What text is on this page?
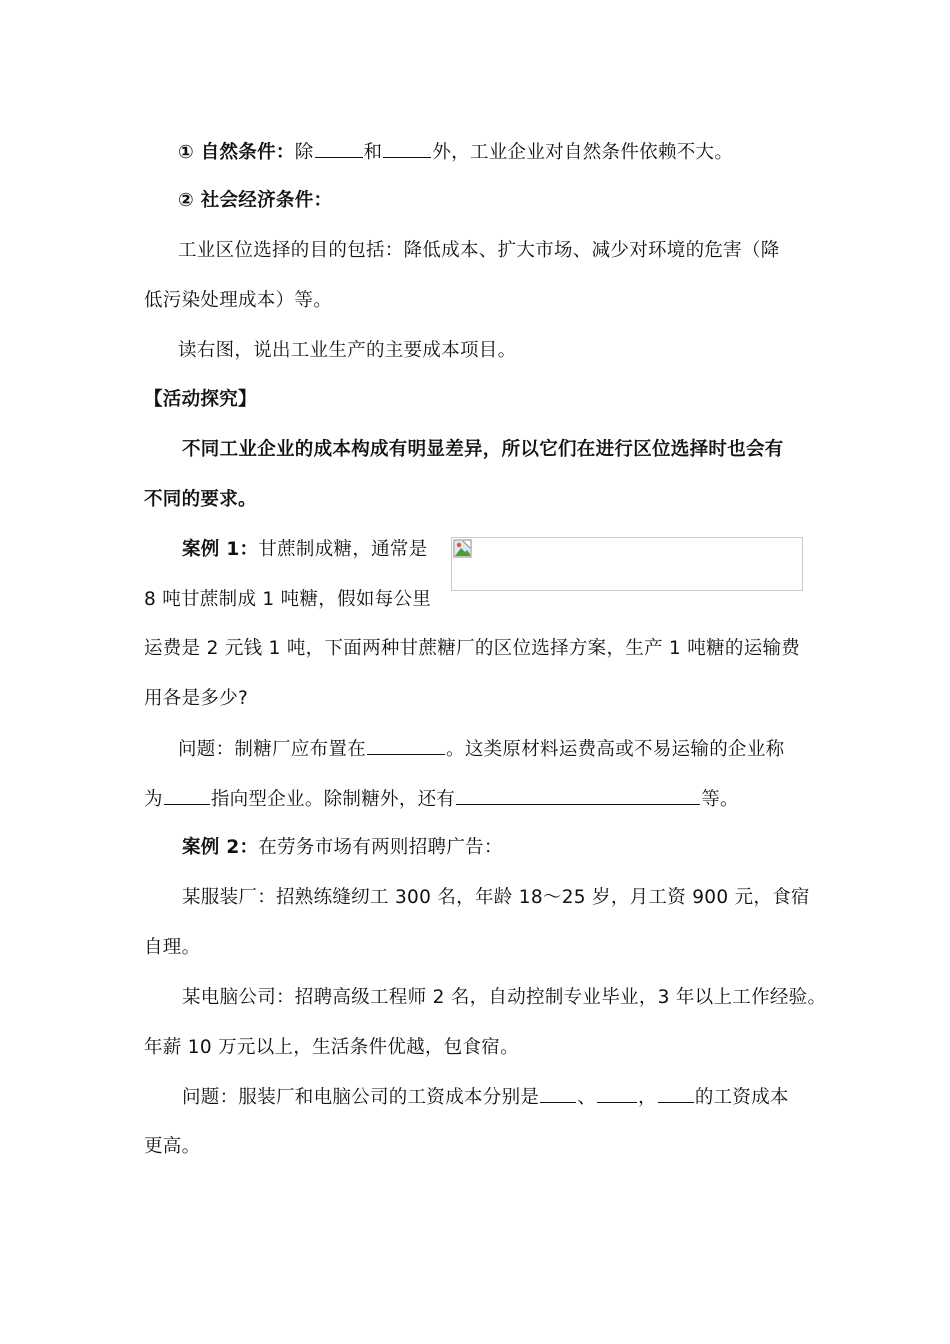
① 自然条件：除	和	外，工业企业对自然条件依赖不大。
② 社会经济条件：
工业区位选择的目的包括：降低成本、扩大市场、减少对环境的危害（降
低污染处理成本）等。
读右图，说出工业生产的主要成本项目。
【活动探究】
不同工业企业的成本构成有明显差异，所以它们在进行区位选择时也会有
不同的要求。
案例 1：甘蔗制成糖，通常是
8 吨甘蔗制成 1 吨糖，假如每公里
运费是 2 元钱 1 吨，下面两种甘蔗糖厂的区位选择方案，生产 1 吨糖的运输费
用各是多少?
问题：制糖厂应布置在	。这类原材料运费高或不易运输的企业称
为	指向型企业。除制糖外，还有	等。
案例 2：在劳务市场有两则招聘广告：
某服装厂：招熟练缝纫工 300 名，年龄 18～25 岁，月工资 900 元，食宿
自理。
某电脑公司：招聘高级工程师 2 名，自动控制专业毕业，3 年以上工作经验。
年薪 10 万元以上，生活条件优越，包食宿。
问题：服装厂和电脑公司的工资成本分别是 、 ， 的工资成本
更高。
